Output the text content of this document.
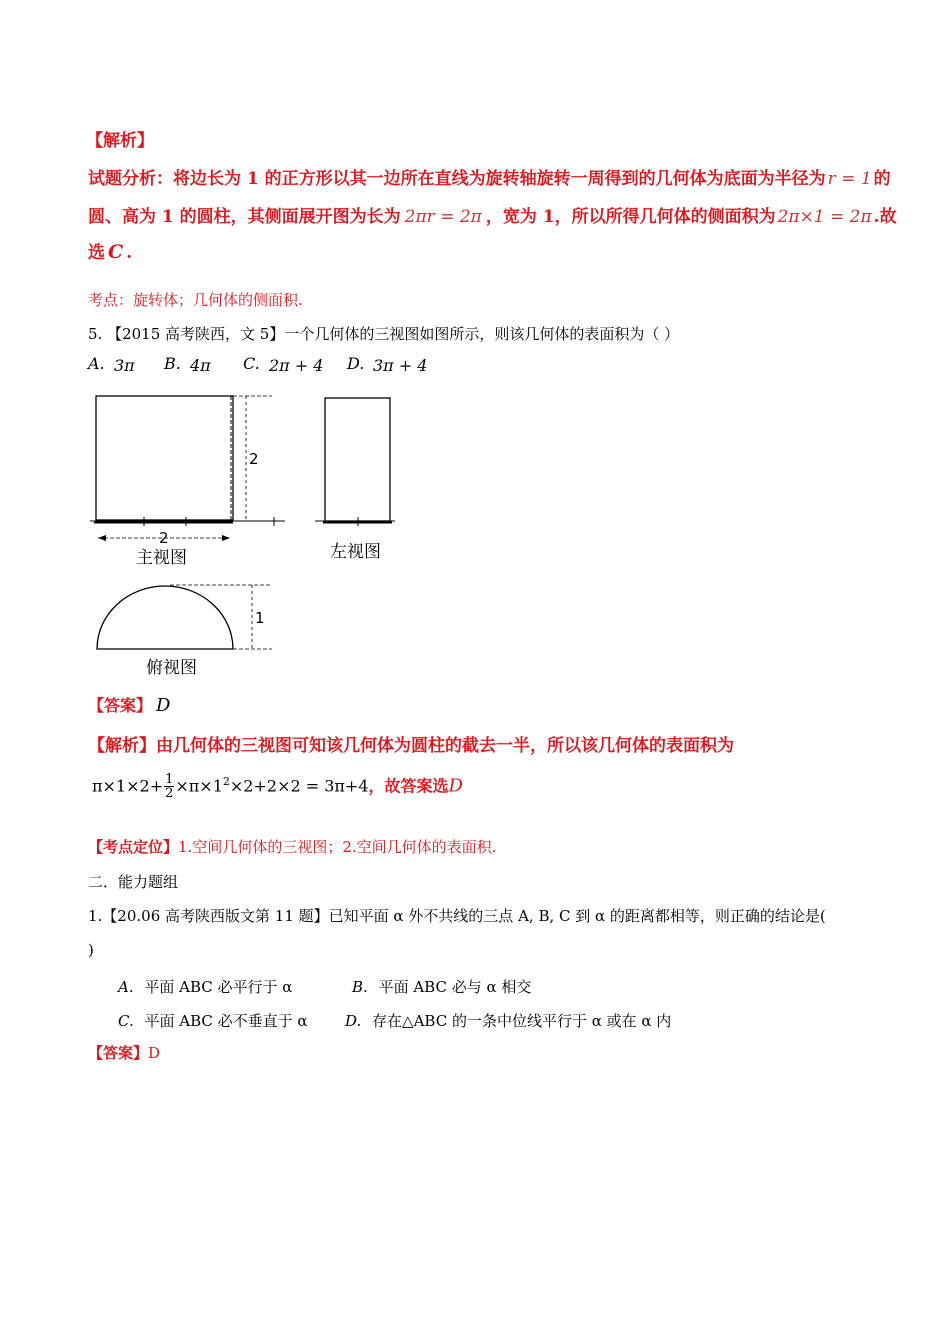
【解析】
试题分析：将边长为 1 的正方形以其一边所在直线为旋转轴旋转一周得到的几何体为底面为半径为 r = 1 的
圆、高为 1 的圆柱，其侧面展开图为长为 2πr = 2π ，宽为 1，所以所得几何体的侧面积为 2π×1 = 2π .故
选 C .
考点：旋转体；几何体的侧面积.
5. 【2015 高考陕西，文 5】一个几何体的三视图如图所示，则该几何体的表面积为（ ）
A. 3π B. 4π C. 2π + 4 D. 3π + 4
2
2
主视图	左视图
1
俯视图
【答案】 D
【解析】由几何体的三视图可知该几何体为圆柱的截去一半，所以该几何体的表面积为
$\pi\times 1\times 2+ \frac{1}{2} \times\pi\times 1^2\times 2+2\times 2 = 3\pi+4$，故答案选D
【考点定位】1.空间几何体的三视图；2.空间几何体的表面积.
二．能力题组
1.【20.06 高考陕西版文第 11 题】已知平面 α 外不共线的三点 A, B, C 到 α 的距离都相等，则正确的结论是(
)
A. 平面 ABC 必平行于 α	B. 平面 ABC 必与 α 相交
C. 平面 ABC 必不垂直于 α D. 存在△ABC 的一条中位线平行于 α 或在 α 内
【答案】D
